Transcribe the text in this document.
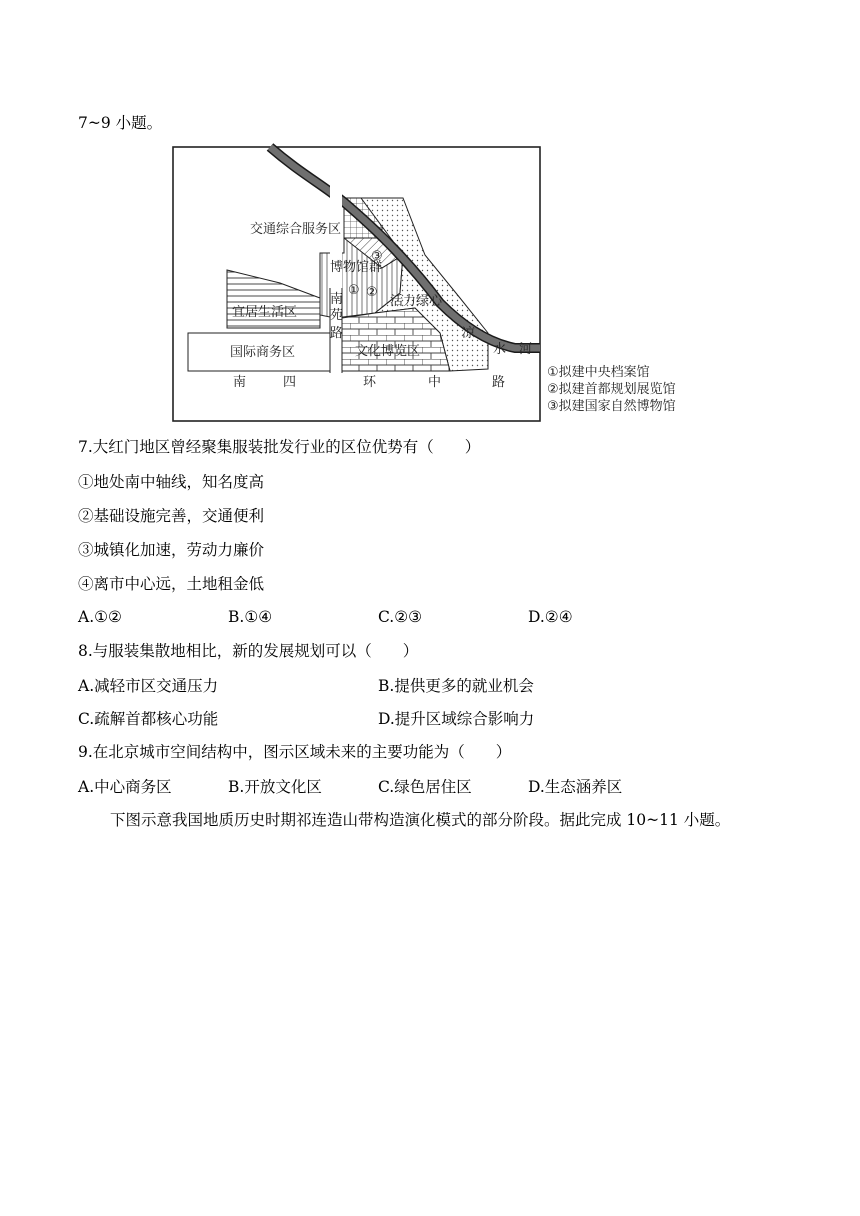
7~9 小题。
交通综合服务区
博物馆群
宜居生活区
国际商务区
活力绿心
文化博览区
南
苑
路
南	四	环	中	路
凉
水 河
① ②
③
①拟建中央档案馆
②拟建首都规划展览馆
③拟建国家自然博物馆
7.大红门地区曾经聚集服装批发行业的区位优势有（　　）
①地处南中轴线，知名度高
②基础设施完善，交通便利
③城镇化加速，劳动力廉价
④离市中心远，土地租金低
A.①②	B.①④	C.②③	D.②④
8.与服装集散地相比，新的发展规划可以（　　）
A.减轻市区交通压力	B.提供更多的就业机会
C.疏解首都核心功能	D.提升区域综合影响力
9.在北京城市空间结构中，图示区域未来的主要功能为（　　）
A.中心商务区	B.开放文化区	C.绿色居住区	D.生态涵养区
下图示意我国地质历史时期祁连造山带构造演化模式的部分阶段。据此完成 10~11 小题。
